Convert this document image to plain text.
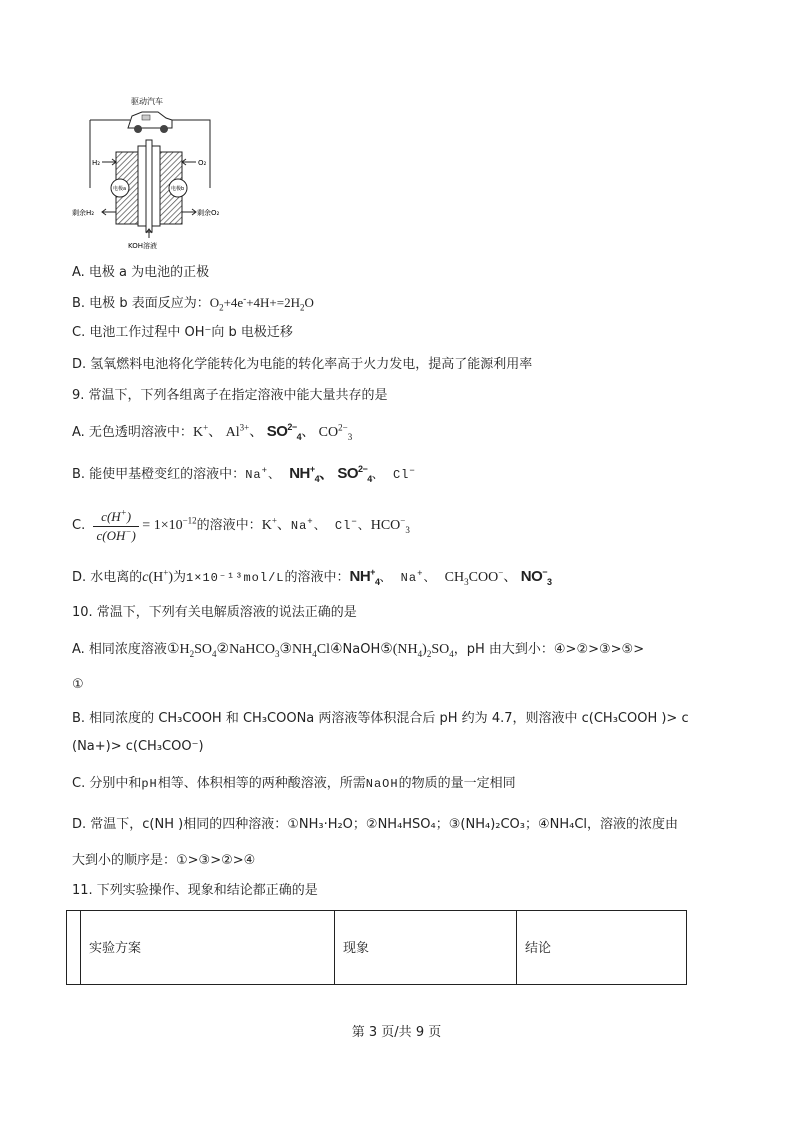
驱动汽车
电极a	电极b
H₂	O₂
剩余H₂	剩余O₂
KOH溶液
A. 电极 a 为电池的正极
B. 电极 b 表面反应为：$O_2+4e^-+4H+=2H_2O$
C. 电池工作过程中 OH⁻向 b 电极迁移
D. 氢氧燃料电池将化学能转化为电能的转化率高于火力发电，提高了能源利用率
9. 常温下，下列各组离子在指定溶液中能大量共存的是
A. 无色透明溶液中：K+、 $Al^{3+}$、 $SO^{2-}_4$、 $CO^{2-}_3$
B. 能使甲基橙变红的溶液中：Na+、 $NH^+_4$、 $SO^{2-}_4$、 Cl−
C. $\frac{c(H^+)}{c(OH^-)} = 1\times 10^{-12}$ 的溶液中： K+、 Na+、 Cl−、 $HCO^-_3$
D. 水电离的c(H+)为1×10⁻¹³mol/L的溶液中：$NH^+_4$、 Na+、 $CH_3COO^-$、 $NO^-_3$
10. 常温下，下列有关电解质溶液的说法正确的是
A. 相同浓度溶液$①H_2SO_4②NaHCO_3③NH_4Cl④NaOH⑤(NH_4)_2SO_4$，pH 由大到小：④>②>③>⑤>
①
B. 相同浓度的 CH₃COOH 和 CH₃COONa 两溶液等体积混合后 pH 约为 4.7，则溶液中 c(CH₃COOH )> c
(Na+)> c(CH₃COO⁻)
C. 分别中和pH相等、体积相等的两种酸溶液，所需NaOH的物质的量一定相同
D. 常温下，c(NH )相同的四种溶液：①NH₃·H₂O；②NH₄HSO₄；③(NH₄)₂CO₃；④NH₄Cl，溶液的浓度由
大到小的顺序是：①>③>②>④
11. 下列实验操作、现象和结论都正确的是
	实验方案	现象	结论
第 3 页/共 9 页
